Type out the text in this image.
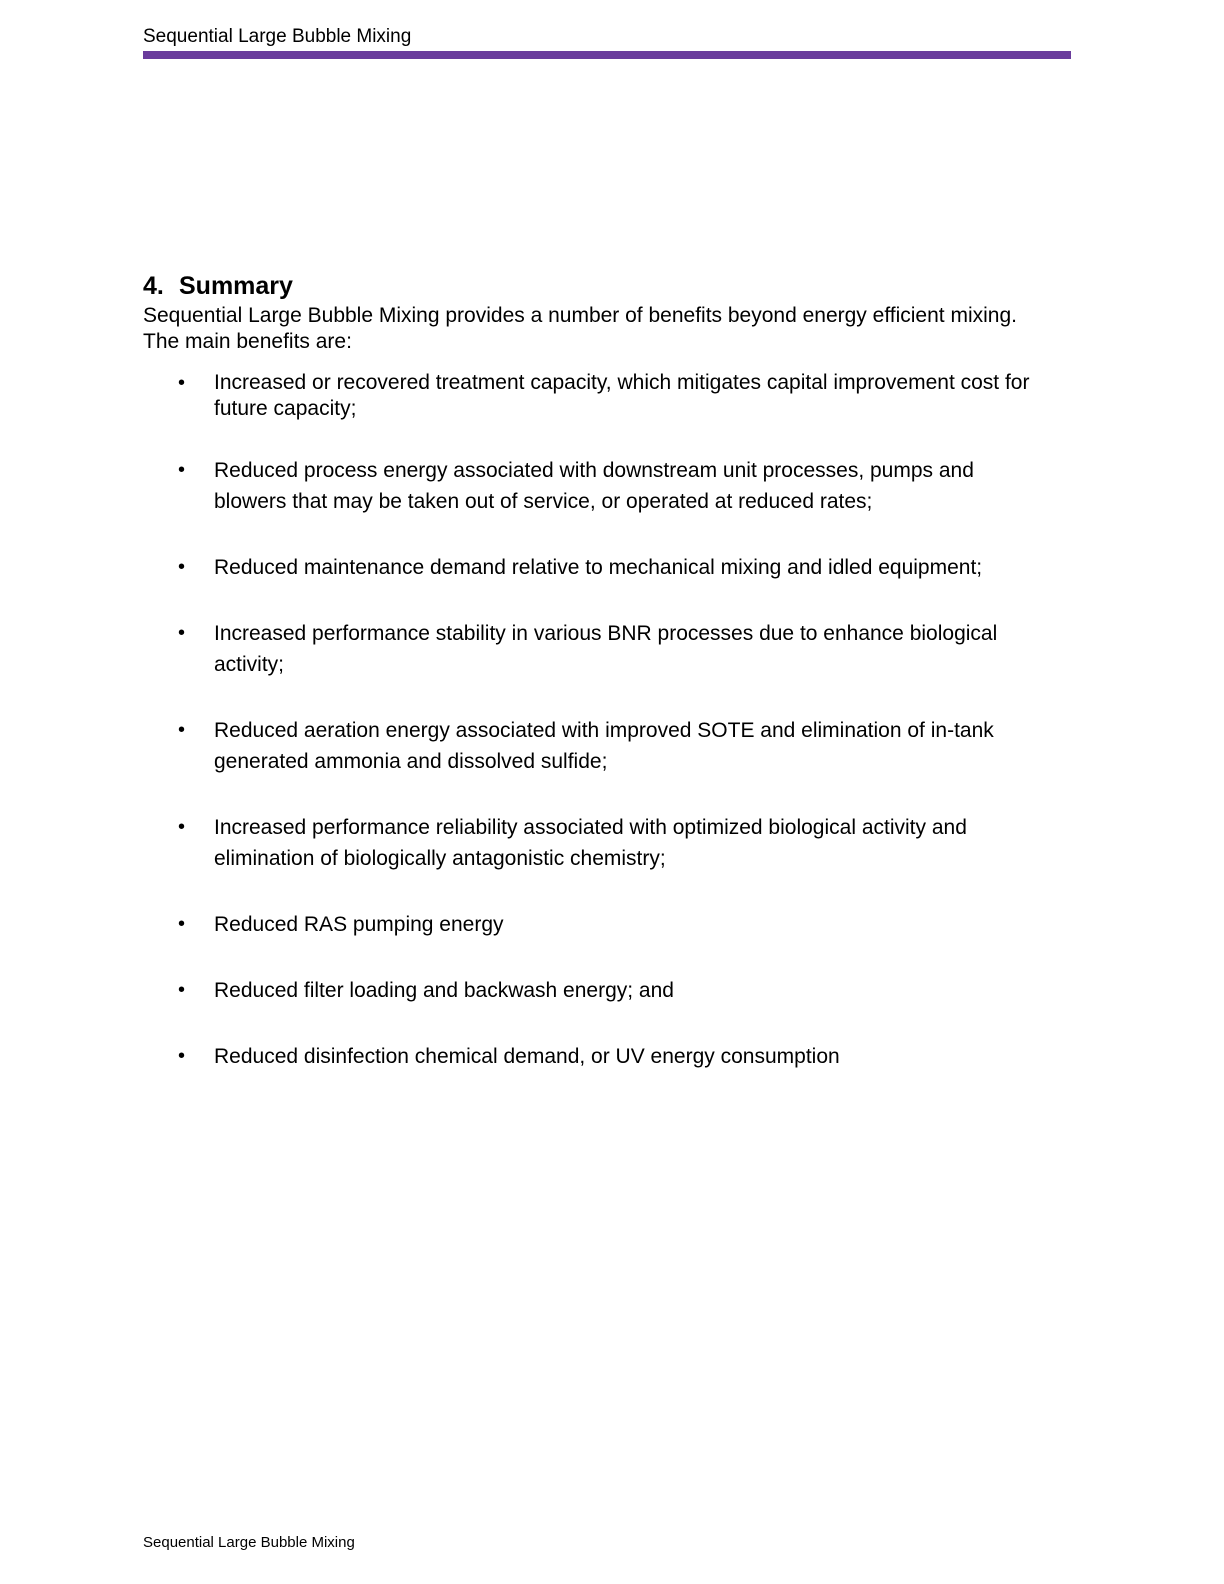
Sequential Large Bubble Mixing
4. Summary

Sequential Large Bubble Mixing provides a number of benefits beyond energy efficient mixing.
The main benefits are:

• Increased or recovered treatment capacity, which mitigates capital improvement cost for
future capacity;
• Reduced process energy associated with downstream unit processes, pumps and
blowers that may be taken out of service, or operated at reduced rates;
• Reduced maintenance demand relative to mechanical mixing and idled equipment;
• Increased performance stability in various BNR processes due to enhance biological
activity;
• Reduced aeration energy associated with improved SOTE and elimination of in-tank
generated ammonia and dissolved sulfide;
• Increased performance reliability associated with optimized biological activity and
elimination of biologically antagonistic chemistry;
• Reduced RAS pumping energy
• Reduced filter loading and backwash energy; and
• Reduced disinfection chemical demand, or UV energy consumption
Sequential Large Bubble Mixing
